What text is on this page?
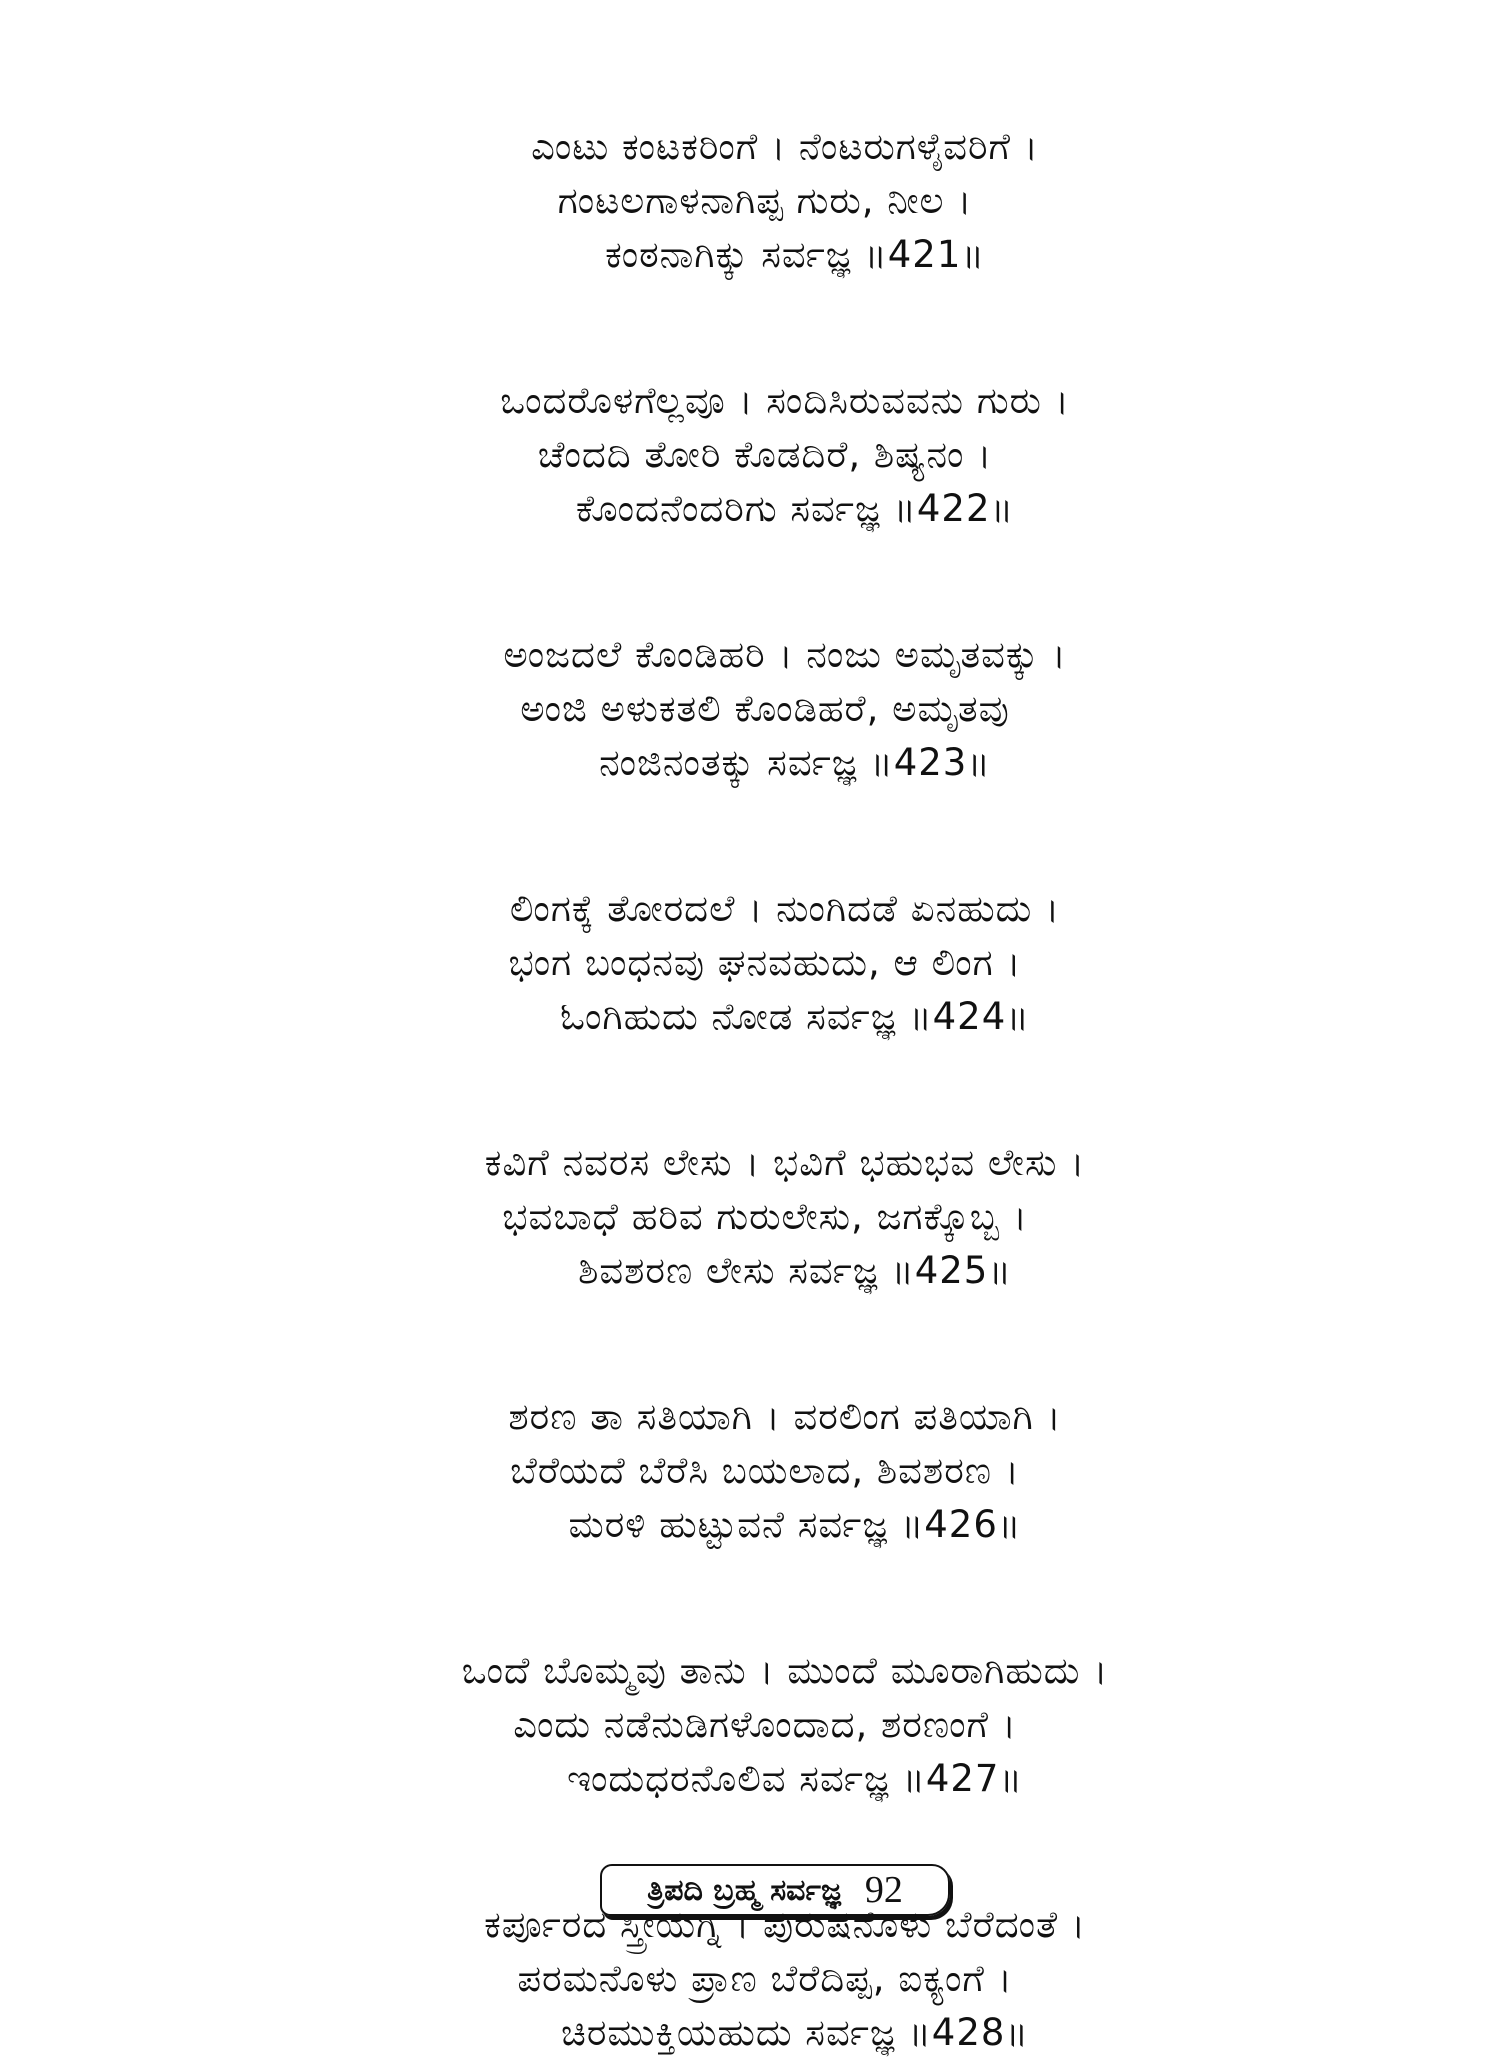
ಎಂಟು ಕಂಟಕರಿಂಗೆ । ನೆಂಟರುಗಳೈವರಿಗೆ ।
ಗಂಟಲಗಾಳನಾಗಿಪ್ಪ ಗುರು, ನೀಲ ।
ಕಂಠನಾಗಿಕ್ಕು ಸರ್ವಜ್ಞ ॥421॥
ಒಂದರೊಳಗೆಲ್ಲವೂ । ಸಂದಿಸಿರುವವನು ಗುರು ।
ಚೆಂದದಿ ತೋರಿ ಕೊಡದಿರೆ, ಶಿಷ್ಯನಂ ।
ಕೊಂದನೆಂದರಿಗು ಸರ್ವಜ್ಞ ॥422॥
ಅಂಜದಲೆ ಕೊಂಡಿಹರಿ । ನಂಜು ಅಮೃತವಕ್ಕು ।
ಅಂಜಿ ಅಳುಕತಲಿ ಕೊಂಡಿಹರೆ, ಅಮೃತವು
ನಂಜಿನಂತಕ್ಕು ಸರ್ವಜ್ಞ ॥423॥
ಲಿಂಗಕ್ಕೆ ತೋರದಲೆ । ನುಂಗಿದಡೆ ಏನಹುದು ।
ಭಂಗ ಬಂಧನವು ಘನವಹುದು, ಆ ಲಿಂಗ ।
ಓಂಗಿಹುದು ನೋಡ ಸರ್ವಜ್ಞ ॥424॥
ಕವಿಗೆ ನವರಸ ಲೇಸು । ಭವಿಗೆ ಭಹುಭವ ಲೇಸು ।
ಭವಬಾಧೆ ಹರಿವ ಗುರುಲೇಸು, ಜಗಕ್ಕೊಬ್ಬ ।
ಶಿವಶರಣ ಲೇಸು ಸರ್ವಜ್ಞ ॥425॥
ಶರಣ ತಾ ಸತಿಯಾಗಿ । ವರಲಿಂಗ ಪತಿಯಾಗಿ ।
ಬೆರೆಯದೆ ಬೆರೆಸಿ ಬಯಲಾದ, ಶಿವಶರಣ ।
ಮರಳಿ ಹುಟ್ಟುವನೆ ಸರ್ವಜ್ಞ ॥426॥
ಒಂದೆ ಬೊಮ್ಮವು ತಾನು । ಮುಂದೆ ಮೂರಾಗಿಹುದು ।
ಎಂದು ನಡೆನುಡಿಗಳೊಂದಾದ, ಶರಣಂಗೆ ।
ಇಂದುಧರನೊಲಿವ ಸರ್ವಜ್ಞ ॥427॥
ಕರ್ಪೂರದ ಸ್ತ್ರೀಯಗ್ನಿ । ಪುರುಷನೊಳು ಬೆರೆದಂತೆ ।
ಪರಮನೊಳು ಪ್ರಾಣ ಬೆರೆದಿಪ್ಪ, ಐಕ್ಯಂಗೆ ।
ಚಿರಮುಕ್ತಿಯಹುದು ಸರ್ವಜ್ಞ ॥428॥
ತ್ರಿಪದಿ ಬ್ರಹ್ಮ ಸರ್ವಜ್ಞ 92
